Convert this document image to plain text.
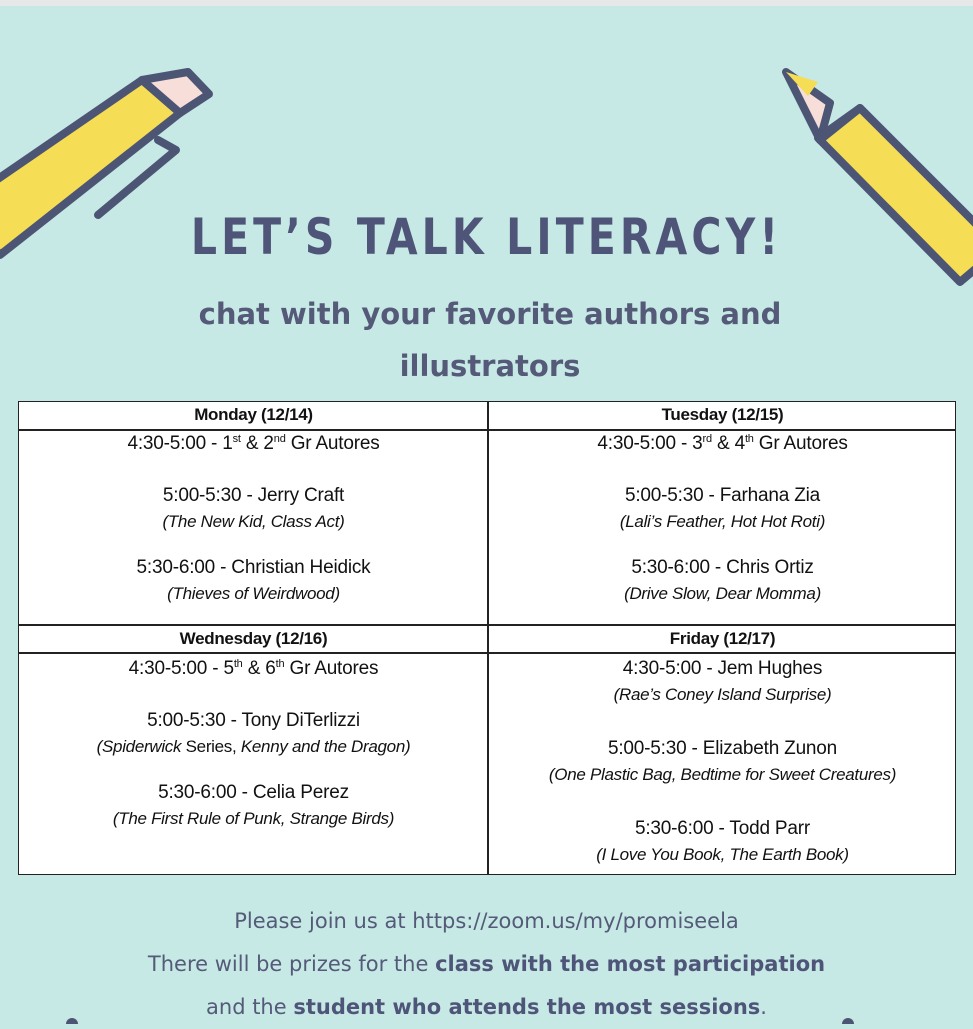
LET’S TALK LITERACY!
chat with your favorite authors and illustrators
Monday (12/14)
4:30-5:00 - 1st & 2nd Gr Autores
5:00-5:30 - Jerry Craft
(The New Kid, Class Act)
5:30-6:00 - Christian Heidick
(Thieves of Weirdwood)
Tuesday (12/15)
4:30-5:00 - 3rd & 4th Gr Autores
5:00-5:30 - Farhana Zia
(Lali’s Feather, Hot Hot Roti)
5:30-6:00 - Chris Ortiz
(Drive Slow, Dear Momma)
Wednesday (12/16)
4:30-5:00 - 5th & 6th Gr Autores
5:00-5:30 - Tony DiTerlizzi
(Spiderwick Series, Kenny and the Dragon)
5:30-6:00 - Celia Perez
(The First Rule of Punk, Strange Birds)
Friday (12/17)
4:30-5:00 - Jem Hughes
(Rae’s Coney Island Surprise)
5:00-5:30 - Elizabeth Zunon
(One Plastic Bag, Bedtime for Sweet Creatures)
5:30-6:00 - Todd Parr
(I Love You Book, The Earth Book)
Please join us at https://zoom.us/my/promiseela
There will be prizes for the class with the most participation
and the student who attends the most sessions.
